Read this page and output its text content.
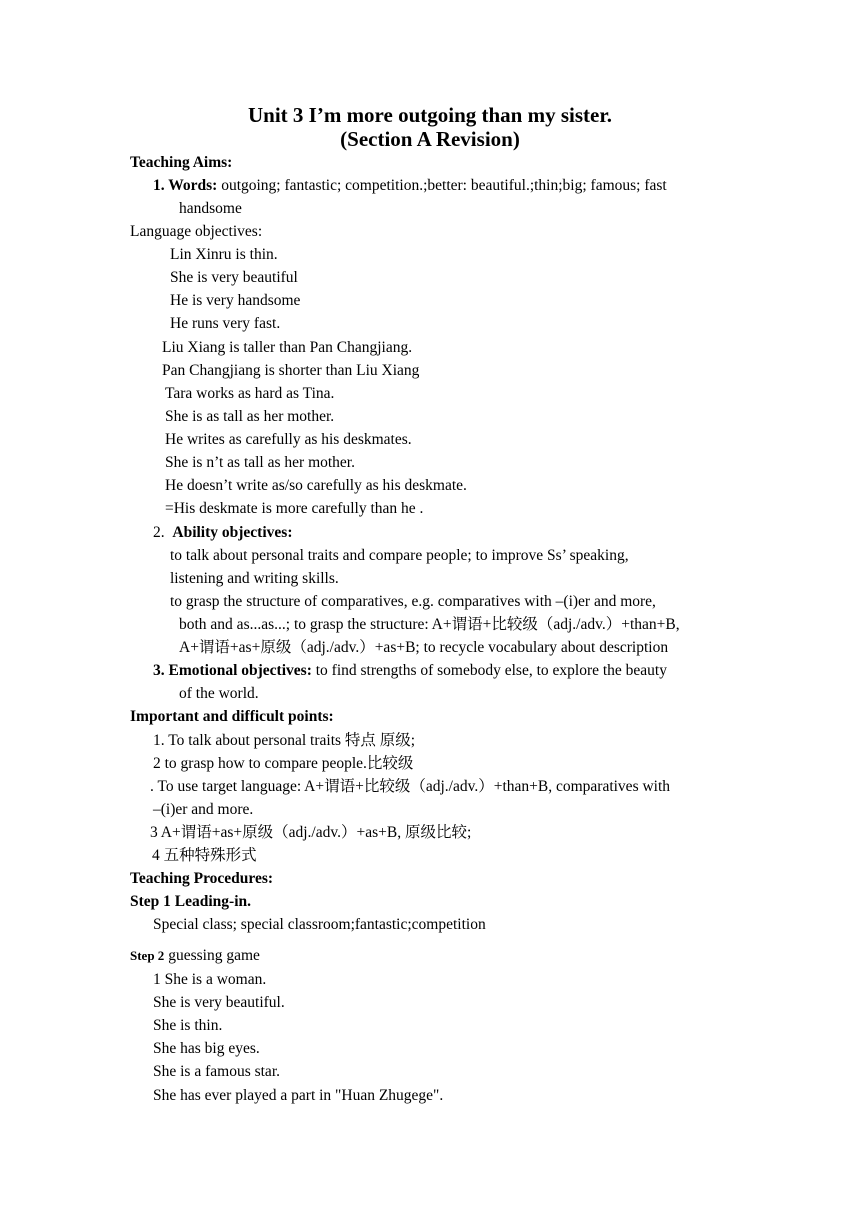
Unit 3 I’m more outgoing than my sister.
(Section A Revision)
Teaching Aims:
1. Words: outgoing; fantastic; competition.;better: beautiful.;thin;big; famous; fast
handsome
Language objectives:
Lin Xinru is thin.
She is very beautiful
He is very handsome
He runs very fast.
Liu Xiang is taller than Pan Changjiang.
Pan Changjiang is shorter than Liu Xiang
Tara works as hard as Tina.
She is as tall as her mother.
He writes as carefully as his deskmates.
She is n’t as tall as her mother.
He doesn’t write as/so carefully as his deskmate.
=His deskmate is more carefully than he .
2. Ability objectives:
to talk about personal traits and compare people; to improve Ss’ speaking,
listening and writing skills.
to grasp the structure of comparatives, e.g. comparatives with –(i)er and more,
both and as...as...; to grasp the structure: A+谓语+比较级（adj./adv.）+than+B,
A+谓语+as+原级（adj./adv.）+as+B; to recycle vocabulary about description
3. Emotional objectives: to find strengths of somebody else, to explore the beauty
of the world.
Important and difficult points:
1. To talk about personal traits 特点 原级;
2 to grasp how to compare people.比较级
. To use target language: A+谓语+比较级（adj./adv.）+than+B, comparatives with
–(i)er and more.
3 A+谓语+as+原级（adj./adv.）+as+B, 原级比较;
4 五种特殊形式
Teaching Procedures:
Step 1 Leading-in.
Special class; special classroom;fantastic;competition
Step 2 guessing game
1 She is a woman.
She is very beautiful.
She is thin.
She has big eyes.
She is a famous star.
She has ever played a part in "Huan Zhugege".
